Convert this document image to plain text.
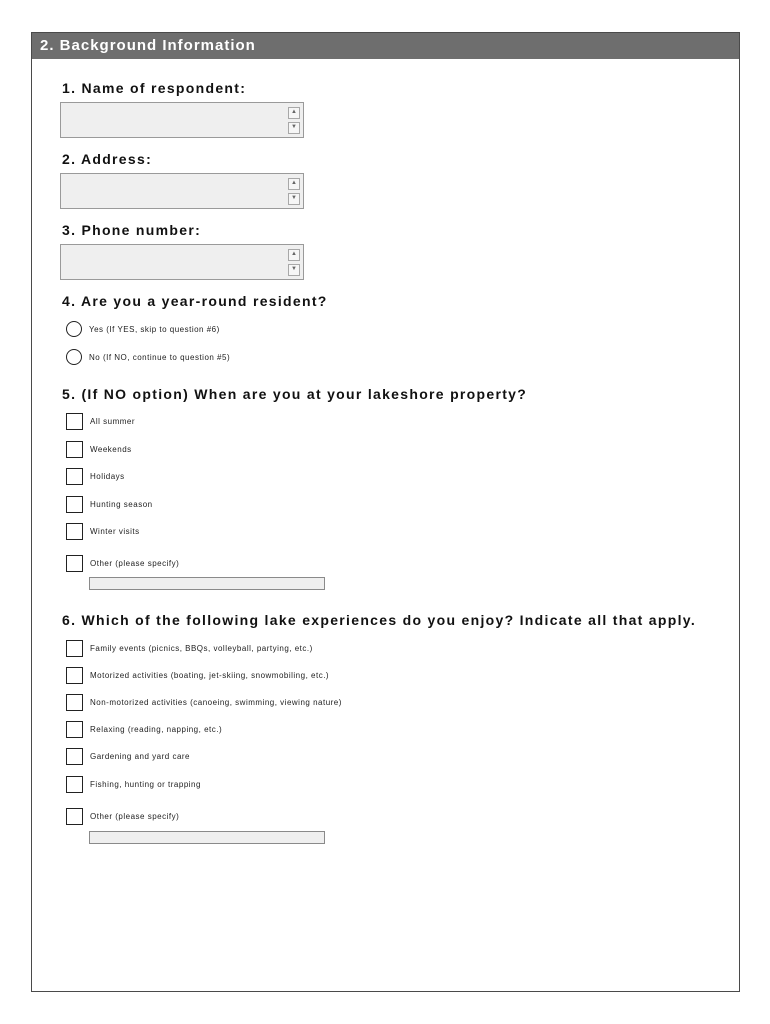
2. Background Information
1. Name of respondent:
▲
▼
2. Address:
▲
▼
3. Phone number:
▲
▼
4. Are you a year-round resident?
Yes (If YES, skip to question #6)
No (If NO, continue to question #5)
5. (If NO option) When are you at your lakeshore property?
All summer
Weekends
Holidays
Hunting season
Winter visits
Other (please specify)
6. Which of the following lake experiences do you enjoy? Indicate all that apply.
Family events (picnics, BBQs, volleyball, partying, etc.)
Motorized activities (boating, jet-skiing, snowmobiling, etc.)
Non-motorized activities (canoeing, swimming, viewing nature)
Relaxing (reading, napping, etc.)
Gardening and yard care
Fishing, hunting or trapping
Other (please specify)
